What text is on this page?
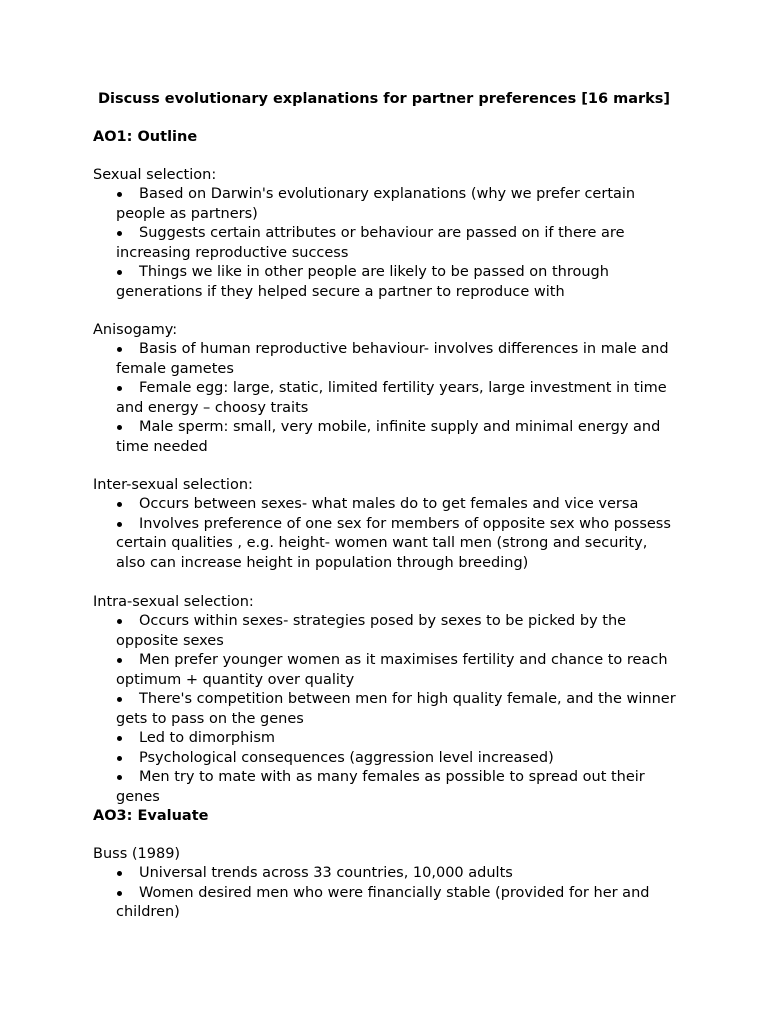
Discuss evolutionary explanations for partner preferences [16 marks]
AO1: Outline
Sexual selection:
Based on Darwin's evolutionary explanations (why we prefer certain people as partners)
Suggests certain attributes or behaviour are passed on if there are increasing reproductive success
Things we like in other people are likely to be passed on through generations if they helped secure a partner to reproduce with
Anisogamy:
Basis of human reproductive behaviour- involves differences in male and female gametes
Female egg: large, static, limited fertility years, large investment in time and energy – choosy traits
Male sperm: small, very mobile, infinite supply and minimal energy and time needed
Inter-sexual selection:
Occurs between sexes- what males do to get females and vice versa
Involves preference of one sex for members of opposite sex who possess certain qualities , e.g. height- women want tall men (strong and security, also can increase height in population through breeding)
Intra-sexual selection:
Occurs within sexes- strategies posed by sexes to be picked by the opposite sexes
Men prefer younger women as it maximises fertility and chance to reach optimum + quantity over quality
There's competition between men for high quality female, and the winner gets to pass on the genes
Led to dimorphism
Psychological consequences (aggression level increased)
Men try to mate with as many females as possible to spread out their genes
AO3: Evaluate
Buss (1989)
Universal trends across 33 countries, 10,000 adults
Women desired men who were financially stable (provided for her and children)
